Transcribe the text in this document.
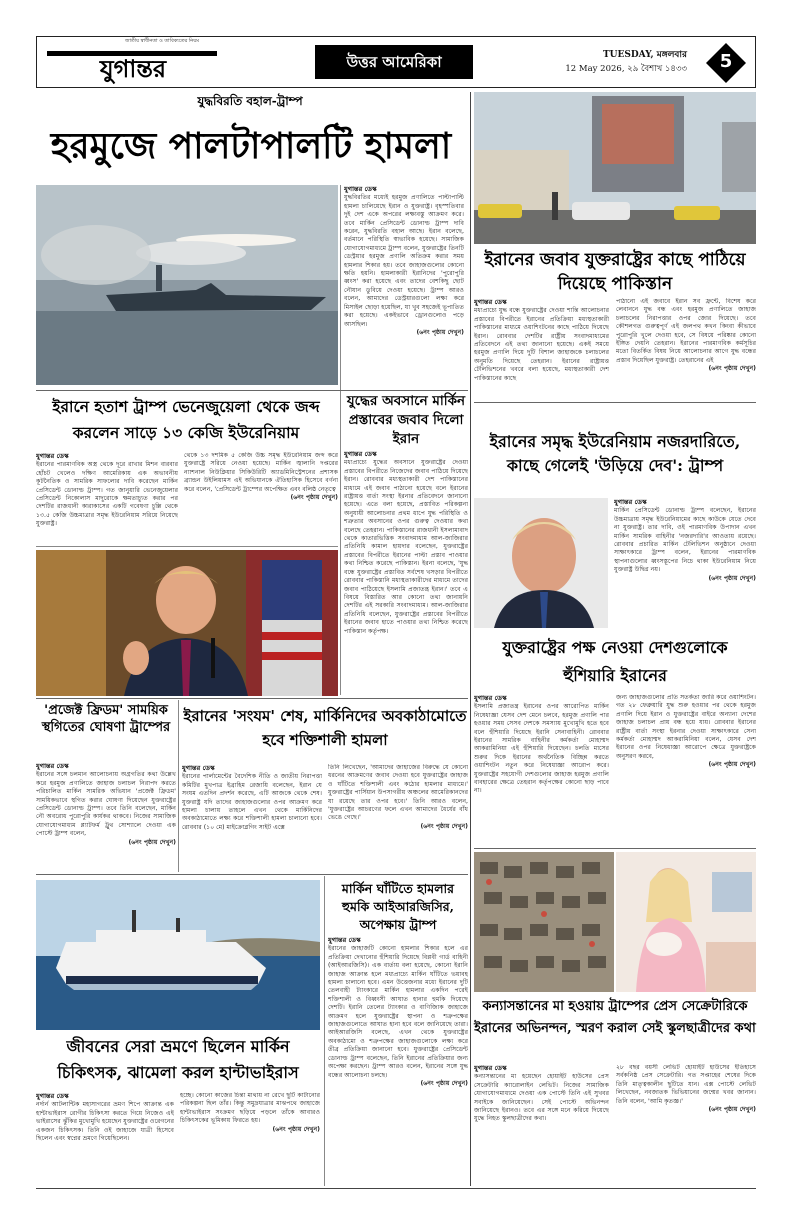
যুগান্তর
জাতীয় স্বাধীনতা ও তাবিক্যতের নিয়ম
উত্তর আমেরিকা	TUESDAY, মঙ্গলবার
12 May 2026, ২৯ বৈশাখ ১৪৩৩	5
যুদ্ধবিরতি বহাল-ট্রাম্প
হরমুজে পালটাপালটি হামলা
যুগান্তর ডেস্ক
যুদ্ধবিরতির মধ্যেই হরমুজ প্রণালিতে পাল্টাপাল্টি হামলা চালিয়েছে ইরান ও যুক্তরাষ্ট্র। বৃহস্পতিবার দুই দেশ একে অপরের লক্ষ্যবস্তু আক্রমণ করে। তবে মার্কিন প্রেসিডেন্ট ডোনাল্ড ট্রাম্প দাবি করেন, যুদ্ধবিরতি বহাল আছে। ইরান বলেছে, বর্তমানে পরিস্থিতি স্বাভাবিক হয়েছে। সামাজিক যোগাযোগমাধ্যমে ট্রাম্প বলেন, যুক্তরাষ্ট্রের তিনটি ডেস্ট্রয়ার হরমুজ প্রণালি অতিক্রম করার সময় হামলার শিকার হয়। তবে জাহাজগুলোর কোনো ক্ষতি হয়নি। হামলাকারী ইরানিদের 'পুরোপুরি ধ্বংস' করা হয়েছে এবং তাদের বেশকিছু ছোট নৌযান ডুবিয়ে দেওয়া হয়েছে। ট্রাম্প আরও বলেন, আমাদের ডেস্ট্রয়ারগুলো লক্ষ্য করে মিসাইল ছোড়া হয়েছিল, যা খুব সহজেই ভূপাতিত করা হয়েছে। একইভাবে ড্রোনগুলোও পড়ে আসছিল।
(৬নং পৃষ্ঠায় দেখুন)
ইরানের জবাব যুক্তরাষ্ট্রের কাছে পাঠিয়ে দিয়েছে পাকিস্তান
যুগান্তর ডেস্ক
মধ্যপ্রাচ্যে যুদ্ধ বন্ধে যুক্তরাষ্ট্রের দেওয়া শান্তি আলোচনার প্রস্তাবের বিপরীতে ইরানের প্রতিক্রিয়া মধ্যস্থতাকারী পাকিস্তানের মাধ্যমে ওয়াশিংটনের কাছে পাঠিয়ে দিয়েছে ইরান। রোববার দেশটির রাষ্ট্রীয় সংবাদমাধ্যমের প্রতিবেদনে এই তথ্য জানানো হয়েছে। একই সময়ে হরমুজ প্রণালি দিয়ে দুটি বিশাল জাহাজকে চলাচলের অনুমতি দিয়েছে তেহরান। ইরানের রাষ্ট্রায়ত্ত টেলিভিশনের খবরে বলা হয়েছে, মধ্যস্থতাকারী দেশ পাকিস্তানের কাছে
পাঠানো এই জবাবে ইরান সব ফ্রন্টে, বিশেষ করে লেবাননে যুদ্ধ বন্ধ এবং হরমুজ প্রণালিতে জাহাজ চলাচলের নিরাপত্তার ওপর জোর দিয়েছে। তবে কৌশলগত গুরুত্বপূর্ণ এই জলপথ কখন কিংবা কীভাবে পুরোপুরি খুলে দেওয়া হবে, সে বিষয়ে পরিষ্কার কোনো ইঙ্গিত দেয়নি তেহরান। ইরানের পারমাণবিক কর্মসূচির মতো বিতর্কিত বিষয় নিয়ে আলোচনার আগে যুদ্ধ বন্ধের প্রস্তাব দিয়েছিল যুক্তরাষ্ট্র। তেহরানের এই
(৬নং পৃষ্ঠায় দেখুন)
ইরানে হতাশ ট্রাম্প ভেনেজুয়েলা থেকে জব্দ করলেন সাড়ে ১৩ কেজি ইউরেনিয়াম
যুগান্তর ডেস্ক
ইরানের পারমাণবিক অস্ত্র থেকে দূরে রাখার মিশন বারবার হোঁচট খেলেও দক্ষিণ আমেরিকায় এক অভাবনীয় কূটনৈতিক ও সামরিক সাফল্যের দাবি করেছেন মার্কিন প্রেসিডেন্ট ডোনাল্ড ট্রাম্প। গত জানুয়ারি ভেনেজুয়েলার প্রেসিডেন্ট নিকোলাস মাদুরোকে ক্ষমতাচ্যুত করার পর দেশটির রাজধানী কারাকাসের একটি গবেষণা চুল্লি থেকে ১৩.৫ কেজি উচ্চমাত্রার সমৃদ্ধ ইউরেনিয়াম সরিয়ে নিয়েছে যুক্তরাষ্ট্র।
থেকে ১৩ দশমিক ৫ কেজি উচ্চ সমৃদ্ধ ইউরেনিয়াম জব্দ করে যুক্তরাষ্ট্রে সরিয়ে নেওয়া হয়েছে। মার্কিন জ্বালানি দপ্তরের ন্যাশনাল নিউক্লিয়ার সিকিউরিটি অ্যাডমিনিস্ট্রেশনের প্রশাসক ব্র্যান্ডন উইলিয়ামস এই অভিযানকে ঐতিহাসিক হিসেবে বর্ণনা করে বলেন, 'প্রেসিডেন্ট ট্রাম্পের অপেক্ষিত এবং বলিষ্ঠ নেতৃত্বে
(৬নং পৃষ্ঠায় দেখুন)
যুদ্ধের অবসানে মার্কিন প্রস্তাবের জবাব দিলো ইরান
যুগান্তর ডেস্ক
মধ্যপ্রাচ্যে যুদ্ধের অবসানে যুক্তরাষ্ট্রের দেওয়া প্রস্তাবের বিপরীতে নিজেদের জবাব পাঠিয়ে দিয়েছে ইরান। রোববার মধ্যস্থতাকারী দেশ পাকিস্তানের মাধ্যমে এই জবাব পাঠানো হয়েছে বলে ইরানের রাষ্ট্রায়ত্ত বার্তা সংস্থা ইরনার প্রতিবেদনে জানানো হয়েছে। এতে বলা হয়েছে, প্রস্তাবিত পরিকল্পনা অনুযায়ী আলোচনার প্রথম ধাপে যুদ্ধ পরিস্থিতি ও শত্রুতার অবসানের ওপর গুরুত্ব দেওয়ার কথা বলেছে তেহরান। পাকিস্তানের রাজধানী ইসলামাবাদ থেকে কাতারভিত্তিক সংবাদমাধ্যম আল-জাজিরার প্রতিনিধি কামাল হায়দার বলেছেন, যুক্তরাষ্ট্রের প্রস্তাবের বিপরীতে ইরানের পাল্টা প্রস্তাব পাওয়ার কথা নিশ্চিত করেছে পাকিস্তান। ইরনা বলেছে, 'যুদ্ধ বন্ধে যুক্তরাষ্ট্রের প্রস্তাবিত সর্বশেষ খসড়ার বিপরীতে রোববার পাকিস্তানি মধ্যস্থতাকারীদের মাধ্যমে তাদের জবাব পাঠিয়েছে ইসলামি প্রজাতন্ত্র ইরান।' তবে এ বিষয়ে বিস্তারিত আর কোনো তথ্য জানায়নি দেশটির এই সরকারি সংবাদমাধ্যম। আল-জাজিরার প্রতিনিধি বলেছেন, যুক্তরাষ্ট্রের প্রস্তাবের বিপরীতে ইরানের জবাব হাতে পাওয়ার তথ্য নিশ্চিত করেছে পাকিস্তান কর্তৃপক্ষ।
ইরানের সমৃদ্ধ ইউরেনিয়াম নজরদারিতে, কাছে গেলেই 'উড়িয়ে দেব': ট্রাম্প
যুগান্তর ডেস্ক
মার্কিন প্রেসিডেন্ট ডোনাল্ড ট্রাম্প বলেছেন, ইরানের উচ্চমাত্রায় সমৃদ্ধ ইউরেনিয়ামের কাছে কাউকে যেতে দেবে না যুক্তরাষ্ট্র। তার দাবি, ওই পারমাণবিক উপাদান এখন মার্কিন সামরিক বাহিনীর 'নজরদারি'র আওতায় রয়েছে। রোববার প্রচারিত মার্কিন টেলিভিশন অনুষ্ঠানে দেওয়া সাক্ষাৎকারে ট্রাম্প বলেন, ইরানের পারমাণবিক স্থাপনাগুলোর ধ্বংসস্তূপের নিচে থাকা ইউরেনিয়াম নিয়ে যুক্তরাষ্ট্র উদ্বিগ্ন নয়।
(৬নং পৃষ্ঠায় দেখুন)
যুক্তরাষ্ট্রের পক্ষ নেওয়া দেশগুলোকে হুঁশিয়ারি ইরানের
যুগান্তর ডেস্ক
ইসলামি প্রজাতন্ত্র ইরানের ওপর আরোপিত মার্কিন নিষেধাজ্ঞা যেসব দেশ মেনে চলবে, হরমুজ প্রণালি পার হওয়ার সময় সেসব দেশকে সমস্যায় মুখোমুখি হতে হবে বলে হুঁশিয়ারি দিয়েছে ইরানি সেনাবাহিনী। রোববার ইরানের সামরিক বাহিনীর কর্মকর্তা মোহাম্মদ আকরামিনিয়া এই হুঁশিয়ারি দিয়েছেন। চলতি মাসের শুরুর দিকে ইরানের অর্থনৈতিক বিচ্ছিন্ন করতে ওয়াশিংটন নতুন করে নিষেধাজ্ঞা আরোপ করে। যুক্তরাষ্ট্রের সহযোগী দেশগুলোর জাহাজ হরমুজ প্রণালি ব্যবহারের ক্ষেত্রে তেহরান কর্তৃপক্ষের কোনো ছাড় পাবে না।
জন্য জাহাজগুলোর প্রতি সতর্কতা জারি করে ওয়াশিংটন। গত ২৮ ফেব্রুয়ারি যুদ্ধ শুরু হওয়ার পর থেকে হরমুজ প্রণালি দিয়ে ইরান ও যুক্তরাষ্ট্রের বাইরে অন্যান্য দেশের জাহাজ চলাচল প্রায় বন্ধ হয়ে যায়। রোববার ইরানের রাষ্ট্রীয় বার্তা সংস্থা ইরনার দেওয়া সাক্ষাৎকারে সেনা কর্মকর্তা মোহাম্মদ আকরামিনিয়া বলেন, যেসব দেশ ইরানের ওপর নিষেধাজ্ঞা আরোপে ক্ষেত্রে যুক্তরাষ্ট্রকে অনুসরণ করবে,
(৬নং পৃষ্ঠায় দেখুন)
'প্রজেক্ট ফ্রিডম' সাময়িক স্থগিতের ঘোষণা ট্রাম্পের
যুগান্তর ডেস্ক
ইরানের সঙ্গে চলমান আলোচনায় অগ্রগতির কথা উল্লেখ করে হরমুজ প্রণালিতে জাহাজ চলাচল নিরাপদ করতে পরিচালিত মার্কিন সামরিক অভিযান 'প্রজেক্ট ফ্রিডম' সাময়িকভাবে স্থগিত করার ঘোষণা দিয়েছেন যুক্তরাষ্ট্রের প্রেসিডেন্ট ডোনাল্ড ট্রাম্প। তবে তিনি বলেছেন, মার্কিন নৌ অবরোধ পুরোপুরি কার্যকর থাকবে। নিজের সামাজিক যোগাযোগমাধ্যম প্ল্যাটফর্ম ট্রুথ সোশ্যালে দেওয়া এক পোস্টে ট্রাম্প বলেন,
(৬নং পৃষ্ঠায় দেখুন)
ইরানের 'সংযম' শেষ, মার্কিনিদের অবকাঠামোতে হবে শক্তিশালী হামলা
যুগান্তর ডেস্ক
ইরানের পার্লামেন্টের বৈদেশিক নীতি ও জাতীয় নিরাপত্তা কমিটির মুখপাত্র ইব্রাহিম রেজায়ি বলেছেন, ইরান যে সংযম এতদিন প্রদর্শন করেছে, এটি আজকে থেকে শেষ। যুক্তরাষ্ট্র যদি তাদের জাহাজগুলোর ওপর আক্রমণ করে হামলা চালায় তাহলে এখন থেকে মার্কিনিদের অবকাঠামোতে লক্ষ্য করে শক্তিশালী হামলা চালানো হবে। রোববার (১০ মে) মাইক্রোব্লগিং সাইট এক্সে
তিনি লিখেছেন, 'আমাদের জাহাজের বিরুদ্ধে যে কোনো ধরনের আক্রমণের জবাব দেওয়া হবে যুক্তরাষ্ট্রের জাহাজ ও ঘাঁটিতে শক্তিশালী এবং কঠোর হামলার মাধ্যমে।' যুক্তরাষ্ট্রের পার্সিয়ান উপসাগরীয় অঞ্চলের আমেরিকানদের যা রয়েছে তার ওপর হবে।' তিনি আরও বলেন, 'যুক্তরাষ্ট্রের আচরণের ফলে এখন আমাদের ধৈর্যের বাঁধ ভেঙে গেছে।'
(৬নং পৃষ্ঠায় দেখুন)
মার্কিন ঘাঁটিতে হামলার হুমকি আইআরজিসির, অপেক্ষায় ট্রাম্প
যুগান্তর ডেস্ক
ইরানের জাহাজটি কোনো হামলার শিকার হলে এর প্রতিক্রিয়া দেখানোর হুঁশিয়ারি দিয়েছে বিপ্লবী গার্ড বাহিনী (আইআরজিসি)। এক বার্তায় বলা হয়েছে, কোনো ইরানি জাহাজ আক্রান্ত হলে মধ্যপ্রাচ্যে মার্কিন ঘাঁটিতে ভয়াবহ হামলা চালানো হবে। এমন উত্তেজনার মধ্যে ইরানের দুটি তেলবাহী ট্যাংকারে মার্কিন হামলার একদিন পরেই শক্তিশালী ও বিধ্বংসী আঘাত হানার হুমকি দিয়েছে দেশটি। ইরানি তেলের ট্যাংকার ও বাণিজ্যিক জাহাজে আক্রমণ হলে যুক্তরাষ্ট্রের স্থাপনা ও শত্রুপক্ষের জাহাজগুলোতে আঘাত হানা হবে বলে জানিয়েছে তারা। আইআরজিসি বলেছে, এখন থেকে যুক্তরাষ্ট্রের অবকাঠামো ও শত্রুপক্ষের জাহাজগুলোকে লক্ষ্য করে তীব্র প্রতিক্রিয়া জানানো হবে। যুক্তরাষ্ট্রের প্রেসিডেন্ট ডোনাল্ড ট্রাম্প বলেছেন, তিনি ইরানের প্রতিক্রিয়ার জন্য অপেক্ষা করছেন। ট্রাম্প আরও বলেন, ইরানের সঙ্গে যুদ্ধ বন্ধের আলোচনা চলছে।
(৬নং পৃষ্ঠায় দেখুন)
জীবনের সেরা ভ্রমণে ছিলেন মার্কিন চিকিৎসক, ঝামেলা করল হান্টাভাইরাস
যুগান্তর ডেস্ক
নর্দার্ন আটলান্টিক মহাসাগরের ভ্রমণ শিপে আক্রান্ত এক হান্টাভাইরাস রোগীর চিকিৎসা করতে গিয়ে নিজেও এই ভাইরাসের ঝুঁকির মুখোমুখি হয়েছেন যুক্তরাষ্ট্রের ওরেগনের একজন চিকিৎসক। তিনি ওই জাহাজে যাত্রী হিসেবে ছিলেন এবং স্বপ্নের ভ্রমণে গিয়েছিলেন।
হচ্ছে। কোনো কাজের চিন্তা মাথায় না রেখে ছুটি কাটানোর পরিকল্পনা ছিল তাঁর। কিন্তু সমুদ্রযাত্রার মাঝপথে জাহাজে হান্টাভাইরাস সংক্রমণ ছড়িয়ে পড়লে তাঁকে আবারও চিকিৎসকের ভূমিকায় ফিরতে হয়।
(৬নং পৃষ্ঠায় দেখুন)
কন্যাসন্তানের মা হওয়ায় ট্রাম্পের প্রেস সেক্রেটারিকে ইরানের অভিনন্দন, স্মরণ করাল সেই স্কুলছাত্রীদের কথা
যুগান্তর ডেস্ক
কন্যাসন্তানের মা হয়েছেন হোয়াইট হাউসের প্রেস সেক্রেটারি ক্যারোলাইন লেভিট। নিজের সামাজিক যোগাযোগমাধ্যমে দেওয়া এক পোস্টে তিনি এই সুখবর সবাইকে জানিয়েছেন। সেই পোস্টে অভিনন্দন জানিয়েছে ইরানও। তবে এর সঙ্গে মনে করিয়ে দিয়েছে যুদ্ধে নিহত স্কুলছাত্রীদের কথা।
২৮ বছর বয়সী লেভিট হোয়াইট হাউসের ইতিহাসে সর্বকনিষ্ঠ প্রেস সেক্রেটারি। গত সপ্তাহের শেষের দিকে তিনি মাতৃত্বকালীন ছুটিতে যান। এক্স পোস্টে লেভিট লিখেছেন, নবজাতক ভিভিয়ানের জন্মের খবর জানান। তিনি বলেন, 'আমি কৃতজ্ঞ।'
(৬নং পৃষ্ঠায় দেখুন)
